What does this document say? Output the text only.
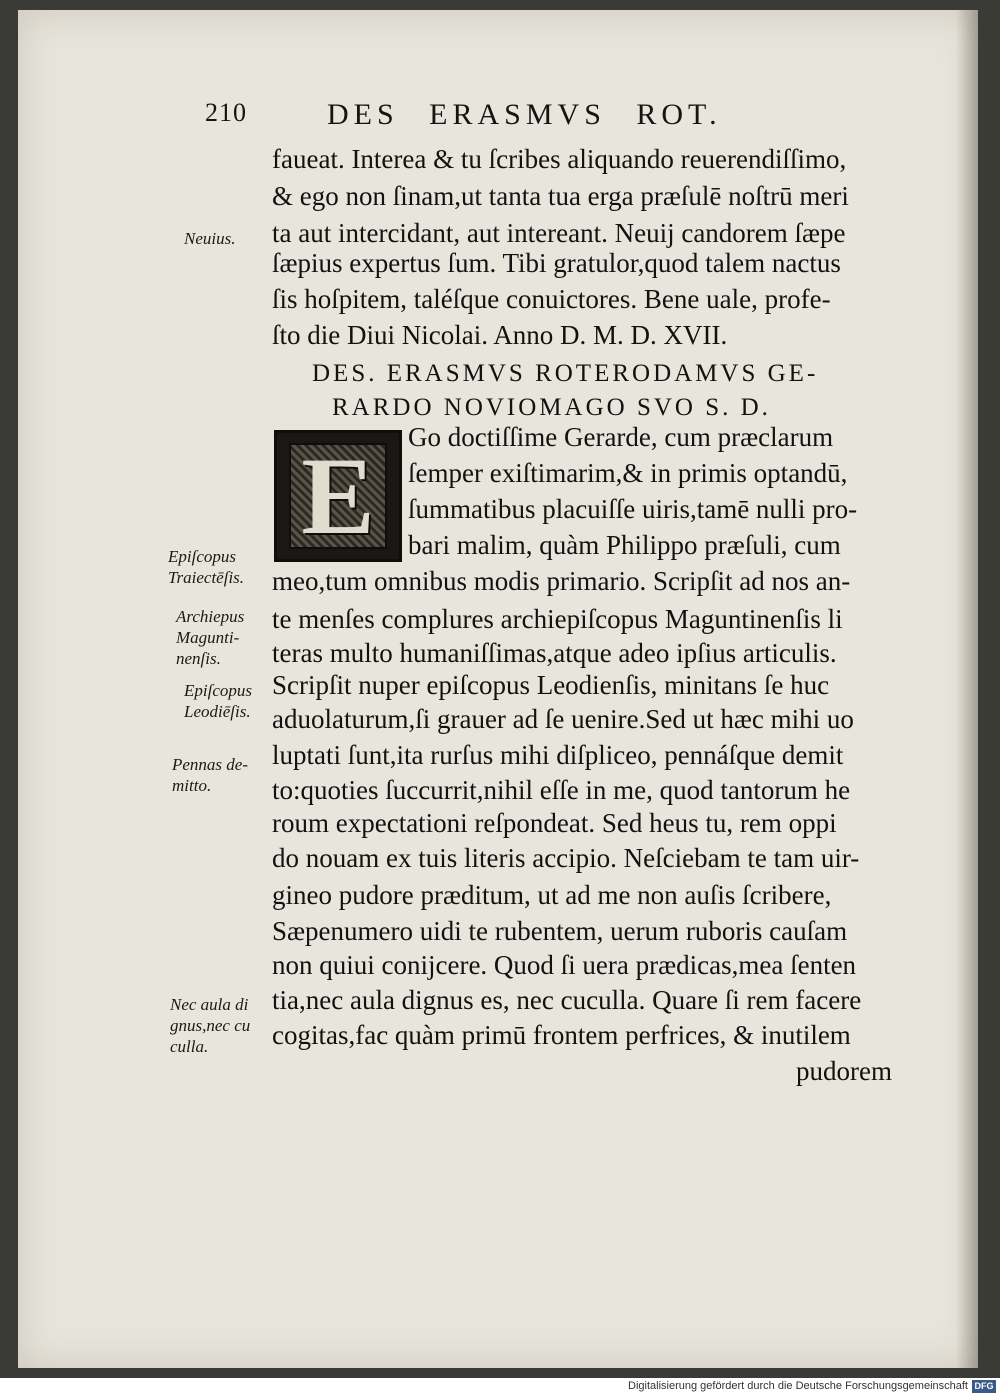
210	DES ERASMVS ROT.
faueat. Interea & tu ſcribes aliquando reuerendiſſimo,
& ego non ſinam,ut tanta tua erga præſulē noſtrū meri
ta aut intercidant, aut intereant. Neuij candorem ſæpe
ſæpius expertus ſum. Tibi gratulor,quod talem nactus
ſis hoſpitem, taléſque conuictores. Bene uale, profe-
ſto die Diui Nicolai. Anno D. M. D. XVII.
DES. ERASMVS ROTERODAMVS GE-
RARDO NOVIOMAGO SVO S. D.
E	Go doctiſſime Gerarde, cum præclarum
ſemper exiſtimarim,& in primis optandū,
ſummatibus placuiſſe uiris,tamē nulli pro-
bari malim, quàm Philippo præſuli, cum
meo,tum omnibus modis primario. Scripſit ad nos an-
te menſes complures archiepiſcopus Maguntinenſis li
teras multo humaniſſimas,atque adeo ipſius articulis.
Scripſit nuper epiſcopus Leodienſis, minitans ſe huc
aduolaturum,ſi grauer ad ſe uenire.Sed ut hæc mihi uo
luptati ſunt,ita rurſus mihi diſpliceo, pennáſque demit
to:quoties ſuccurrit,nihil eſſe in me, quod tantorum he
roum expectationi reſpondeat. Sed heus tu, rem oppi
do nouam ex tuis literis accipio. Neſciebam te tam uir-
gineo pudore præditum, ut ad me non auſis ſcribere,
Sæpenumero uidi te rubentem, uerum ruboris cauſam
non quiui conijcere. Quod ſi uera prædicas,mea ſenten
tia,nec aula dignus es, nec cuculla. Quare ſi rem facere
cogitas,fac quàm primū frontem perfrices, & inutilem
pudorem
Neuius.
Epiſcopus
Traiectēſis.
Archiepus
Magunti-
nenſis.
Epiſcopus
Leodiēſis.
Pennas de-
mitto.
Nec aula di
gnus,nec cu
culla.
Digitalisierung gefördert durch die Deutsche Forschungsgemeinschaft DFG
